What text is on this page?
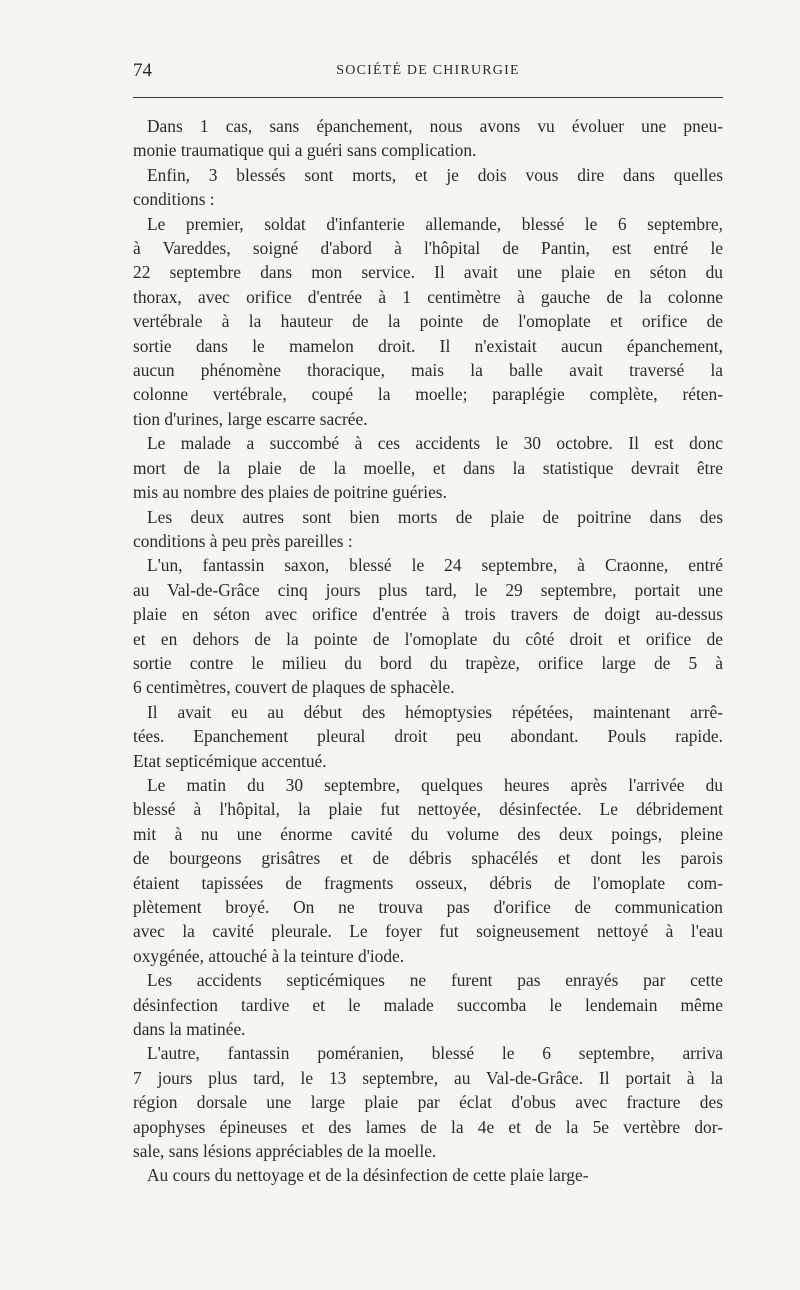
74	SOCIÉTÉ DE CHIRURGIE
Dans 1 cas, sans épanchement, nous avons vu évoluer une pneu-
monie traumatique qui a guéri sans complication.
Enfin, 3 blessés sont morts, et je dois vous dire dans quelles
conditions :
Le premier, soldat d'infanterie allemande, blessé le 6 septembre,
à Vareddes, soigné d'abord à l'hôpital de Pantin, est entré le
22 septembre dans mon service. Il avait une plaie en séton du
thorax, avec orifice d'entrée à 1 centimètre à gauche de la colonne
vertébrale à la hauteur de la pointe de l'omoplate et orifice de
sortie dans le mamelon droit. Il n'existait aucun épanchement,
aucun phénomène thoracique, mais la balle avait traversé la
colonne vertébrale, coupé la moelle; paraplégie complète, réten-
tion d'urines, large escarre sacrée.
Le malade a succombé à ces accidents le 30 octobre. Il est donc
mort de la plaie de la moelle, et dans la statistique devrait être
mis au nombre des plaies de poitrine guéries.
Les deux autres sont bien morts de plaie de poitrine dans des
conditions à peu près pareilles :
L'un, fantassin saxon, blessé le 24 septembre, à Craonne, entré
au Val-de-Grâce cinq jours plus tard, le 29 septembre, portait une
plaie en séton avec orifice d'entrée à trois travers de doigt au-dessus
et en dehors de la pointe de l'omoplate du côté droit et orifice de
sortie contre le milieu du bord du trapèze, orifice large de 5 à
6 centimètres, couvert de plaques de sphacèle.
Il avait eu au début des hémoptysies répétées, maintenant arrê-
tées. Epanchement pleural droit peu abondant. Pouls rapide.
Etat septicémique accentué.
Le matin du 30 septembre, quelques heures après l'arrivée du
blessé à l'hôpital, la plaie fut nettoyée, désinfectée. Le débridement
mit à nu une énorme cavité du volume des deux poings, pleine
de bourgeons grisâtres et de débris sphacélés et dont les parois
étaient tapissées de fragments osseux, débris de l'omoplate com-
plètement broyé. On ne trouva pas d'orifice de communication
avec la cavité pleurale. Le foyer fut soigneusement nettoyé à l'eau
oxygénée, attouché à la teinture d'iode.
Les accidents septicémiques ne furent pas enrayés par cette
désinfection tardive et le malade succomba le lendemain même
dans la matinée.
L'autre, fantassin poméranien, blessé le 6 septembre, arriva
7 jours plus tard, le 13 septembre, au Val-de-Grâce. Il portait à la
région dorsale une large plaie par éclat d'obus avec fracture des
apophyses épineuses et des lames de la 4e et de la 5e vertèbre dor-
sale, sans lésions appréciables de la moelle.
Au cours du nettoyage et de la désinfection de cette plaie large-
